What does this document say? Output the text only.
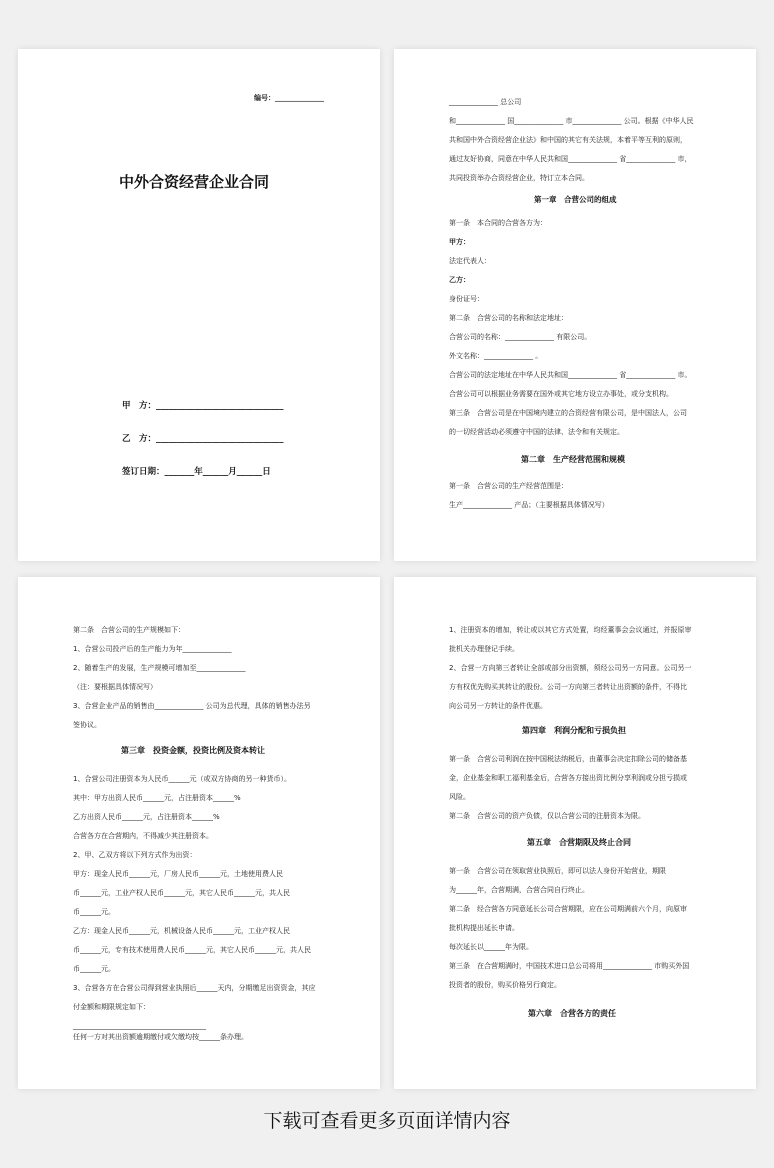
编号：______________
中外合资经营企业合同
甲　方：______________________________
乙　方：______________________________
签订日期：_______年______月______日
______________ 总公司
和______________ 国______________ 市______________ 公司。根据《中华人民
共和国中外合资经营企业法》和中国的其它有关法规，本着平等互利的原则，
通过友好协商，同意在中华人民共和国______________ 省______________ 市，
共同投资举办合资经营企业，特订立本合同。
第一章　合营公司的组成
第一条　本合同的合营各方为：
甲方：
法定代表人：
乙方：
身份证号：
第二条　合营公司的名称和法定地址：
合营公司的名称：______________ 有限公司。
外文名称：______________ 。
合营公司的法定地址在中华人民共和国______________ 省______________ 市。
合营公司可以根据业务需要在国外或其它地方设立办事处，或分支机构。
第三条　合营公司是在中国境内建立的合资经营有限公司，是中国法人，公司
的一切经营活动必须遵守中国的法律、法令和有关规定。
第二章　生产经营范围和规模
第一条　合营公司的生产经营范围是：
生产______________ 产品；（主要根据具体情况写）
第二条　合营公司的生产规模如下：
1、合营公司投产后的生产能力为年______________
2、随着生产的发展，生产规模可增加至______________
（注：要根据具体情况写）
3、合营企业产品的销售由______________ 公司为总代理，具体的销售办法另
签协议。
第三章　投资金额，投资比例及资本转让
1、合营公司注册资本为人民币______元（或双方协商的另一种货币）。
其中：甲方出资人民币______元，占注册资本______%
乙方出资人民币______元，占注册资本______%
合营各方在合营期内，不得减少其注册资本。
2、甲、乙双方将以下列方式作为出资：
甲方：现金人民币______元，厂房人民币______元，土地使用费人民
币______元，工业产权人民币______元，其它人民币______元，共人民
币______元。
乙方：现金人民币______元，机械设备人民币______元，工业产权人民
币______元，专有技术使用费人民币______元，其它人民币______元，共人民
币______元。
3、合营各方在合营公司得到营业执照后______天内，分期缴足出资资金，其应
付金额和期限规定如下：
______________________________________
任何一方对其出资额逾期缴付或欠缴均按______条办理。
1、注册资本的增加，转让或以其它方式处置，均经董事会会议通过，并报原审
批机关办理登记手续。
2、合营一方向第三者转让全部或部分出资额，须经公司另一方同意。公司另一
方有权优先购买其转让的股份。公司一方向第三者转让出资额的条件，不得比
向公司另一方转让的条件优惠。
第四章　利润分配和亏损负担
第一条　合营公司利润在按中国税法纳税后，由董事会决定扣除公司的储备基
金，企业基金和职工福利基金后，合营各方接出资比例分享利润或分担亏损或
风险。
第二条　合营公司的资产负债，仅以合营公司的注册资本为限。
第五章　合营期限及终止合同
第一条　合营公司在领取营业执照后，即可以法人身份开始营业，期限
为______年，合营期满，合营合同自行终止。
第二条　经合营各方同意延长公司合营期限，应在公司期满前六个月，向原审
批机构提出延长申请。
每次延长以______年为限。
第三条　在合营期满时，中国技术进口总公司将用______________ 市购买外国
投资者的股份，购买价格另行商定。
第六章　合营各方的责任
下载可查看更多页面详情内容
